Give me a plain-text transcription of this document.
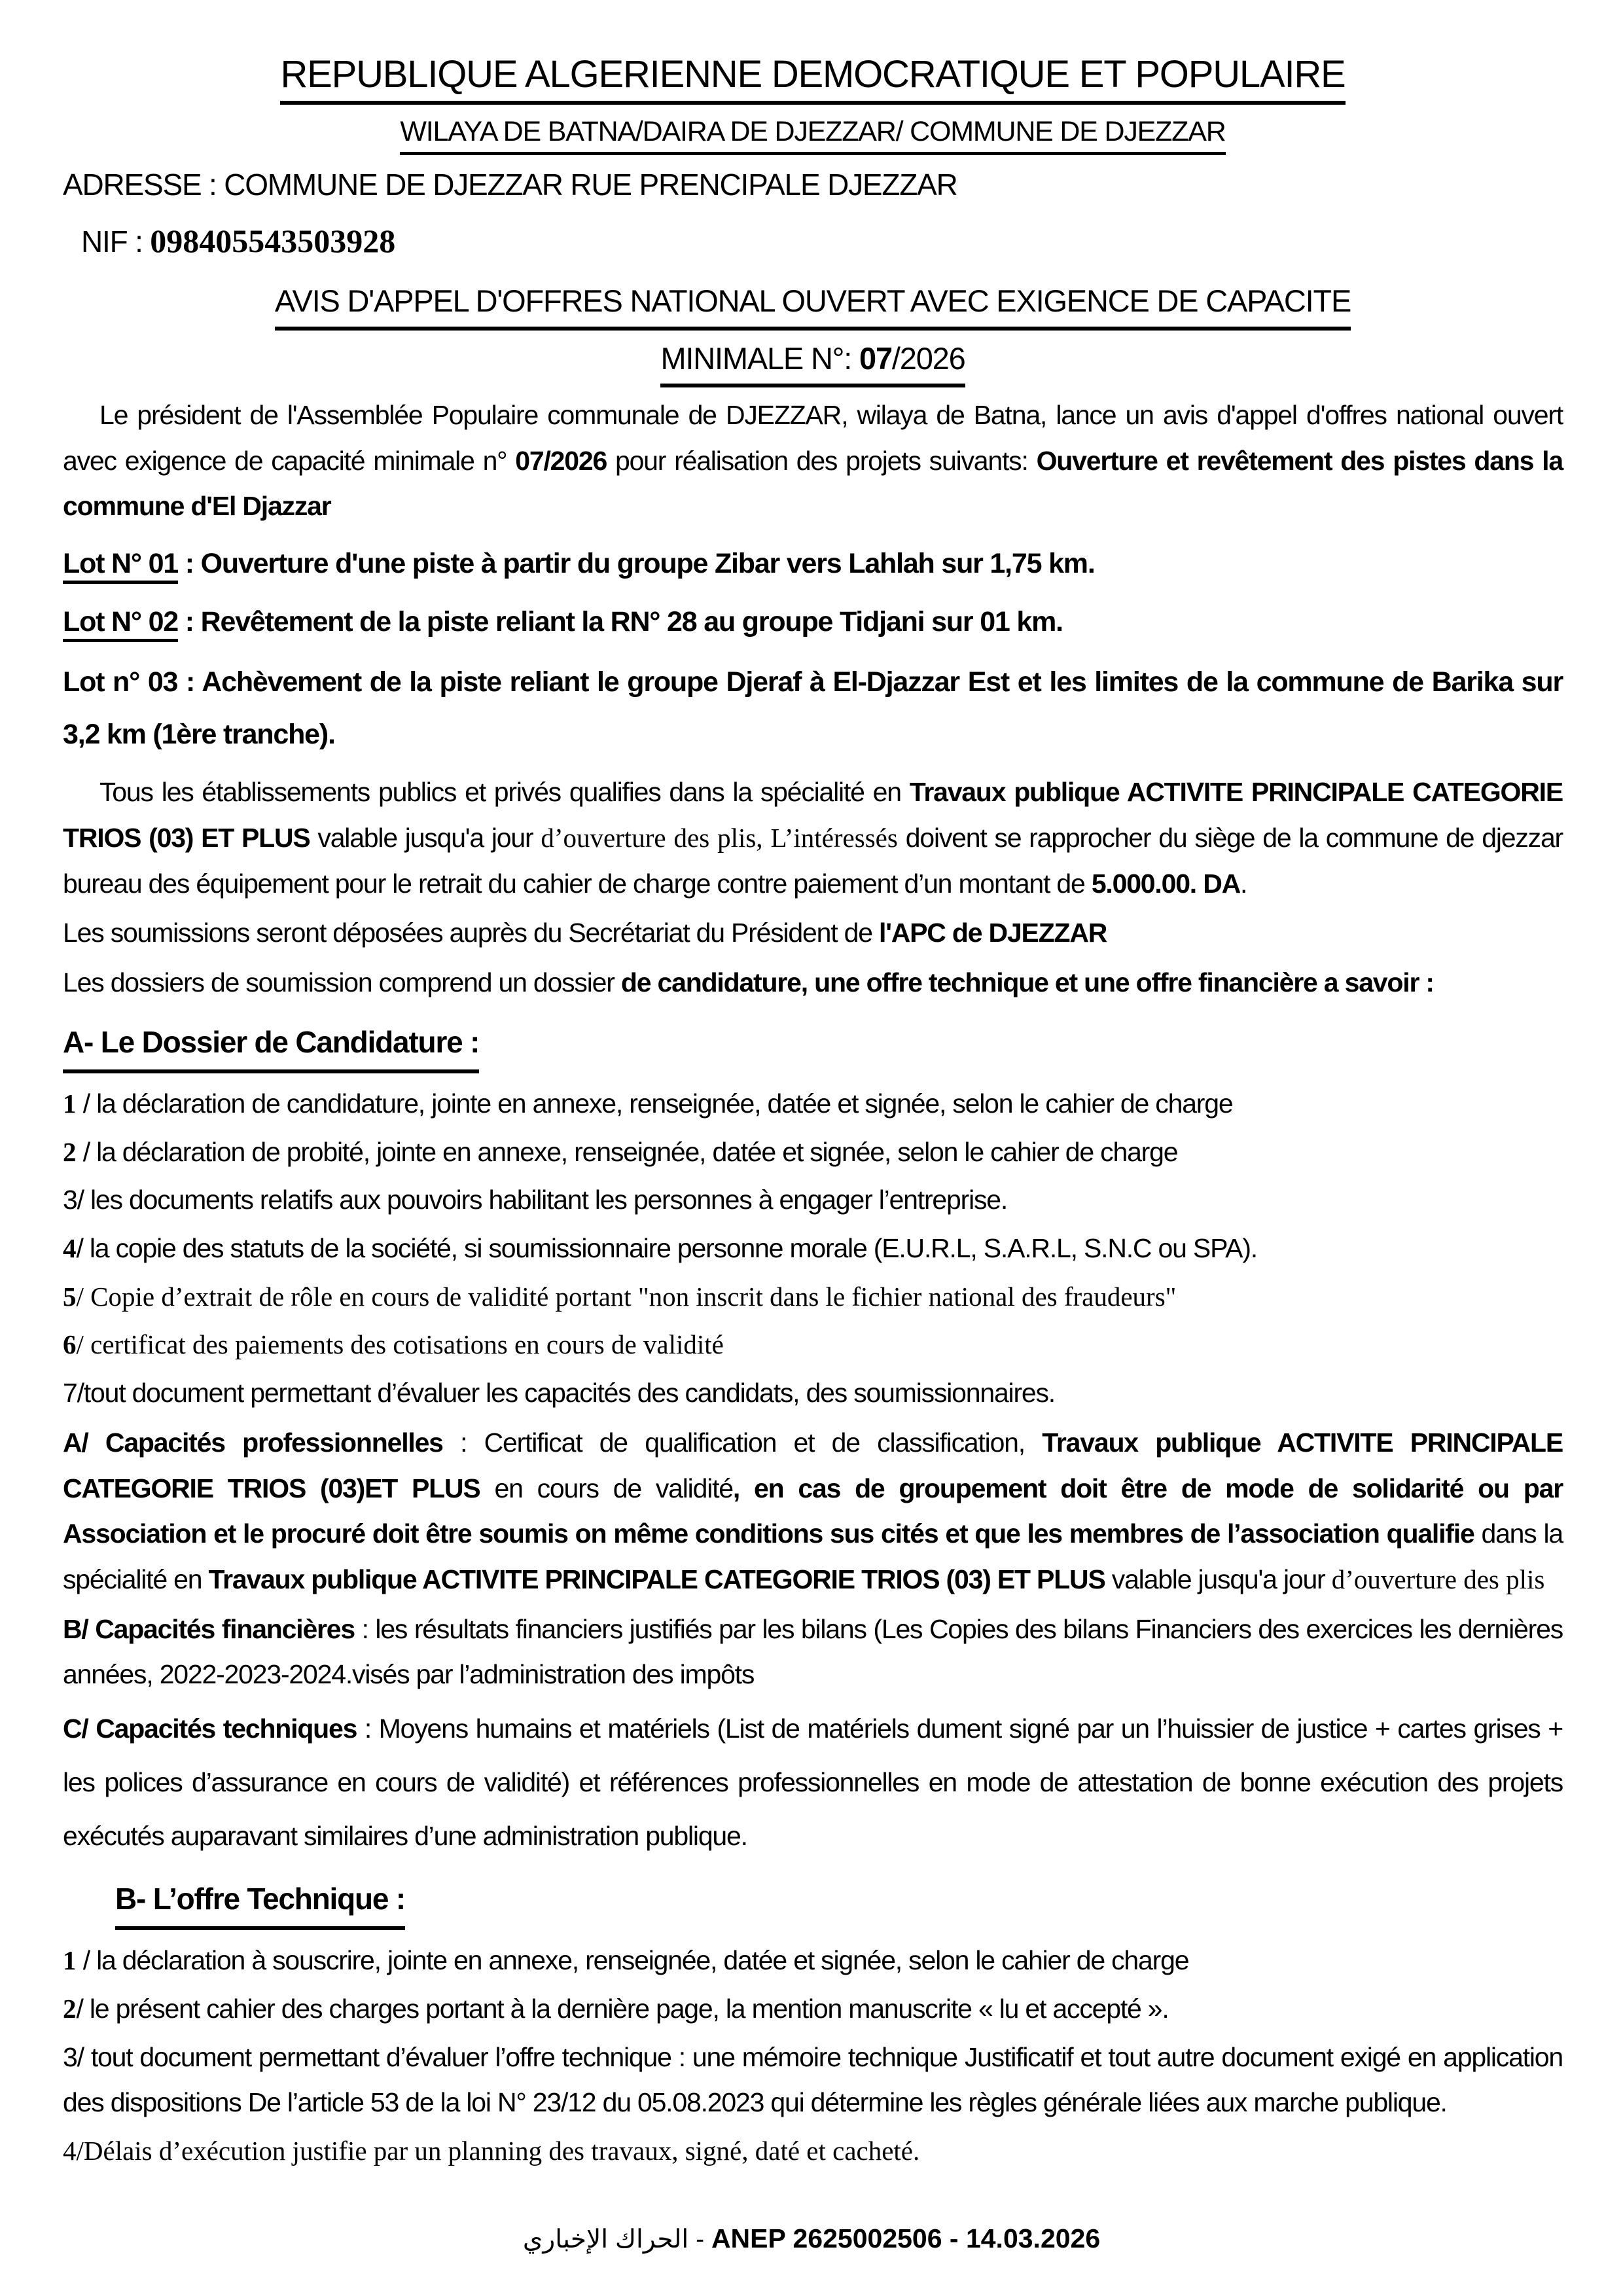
REPUBLIQUE ALGERIENNE DEMOCRATIQUE ET POPULAIRE
WILAYA DE BATNA/DAIRA DE DJEZZAR/ COMMUNE DE DJEZZAR
ADRESSE : COMMUNE DE DJEZZAR RUE PRENCIPALE DJEZZAR
NIF : 098405543503928
AVIS D'APPEL D'OFFRES NATIONAL OUVERT AVEC EXIGENCE DE CAPACITE
MINIMALE N°: 07/2026

Le président de l'Assemblée Populaire communale de DJEZZAR, wilaya de Batna, lance un avis d'appel d'offres national ouvert avec exigence de capacité minimale n° 07/2026 pour réalisation des projets suivants: Ouverture et revêtement des pistes dans la commune d'El Djazzar

Lot N° 01 : Ouverture d'une piste à partir du groupe Zibar vers Lahlah sur 1,75 km.

Lot N° 02 : Revêtement de la piste reliant la RN° 28 au groupe Tidjani sur 01 km.

Lot n° 03 : Achèvement de la piste reliant le groupe Djeraf à El-Djazzar Est et les limites de la commune de Barika sur 3,2 km (1ère tranche).

Tous les établissements publics et privés qualifies dans la spécialité en Travaux publique ACTIVITE PRINCIPALE CATEGORIE TRIOS (03) ET PLUS valable jusqu'a jour d’ouverture des plis, L’intéressés doivent se rapprocher du siège de la commune de djezzar bureau des équipement pour le retrait du cahier de charge contre paiement d’un montant de 5.000.00. DA.

Les soumissions seront déposées auprès du Secrétariat du Président de l'APC de DJEZZAR

Les dossiers de soumission comprend un dossier de candidature, une offre technique et une offre financière a savoir :

A- Le Dossier de Candidature :

1 / la déclaration de candidature, jointe en annexe, renseignée, datée et signée, selon le cahier de charge

2 / la déclaration de probité, jointe en annexe, renseignée, datée et signée, selon le cahier de charge

3/ les documents relatifs aux pouvoirs habilitant les personnes à engager l’entreprise.

4/ la copie des statuts de la société, si soumissionnaire personne morale (E.U.R.L, S.A.R.L, S.N.C ou SPA).

5/ Copie d’extrait de rôle en cours de validité portant "non inscrit dans le fichier national des fraudeurs"

6/ certificat des paiements des cotisations en cours de validité

7/tout document permettant d’évaluer les capacités des candidats, des soumissionnaires.

A/ Capacités professionnelles : Certificat de qualification et de classification, Travaux publique ACTIVITE PRINCIPALE CATEGORIE TRIOS (03)ET PLUS en cours de validité, en cas de groupement doit être de mode de solidarité ou par Association et le procuré doit être soumis on même conditions sus cités et que les membres de l’association qualifie dans la spécialité en Travaux publique ACTIVITE PRINCIPALE CATEGORIE TRIOS (03) ET PLUS valable jusqu'a jour d’ouverture des plis

B/ Capacités financières : les résultats financiers justifiés par les bilans (Les Copies des bilans Financiers des exercices les dernières années, 2022-2023-2024.visés par l’administration des impôts

C/ Capacités techniques : Moyens humains et matériels (List de matériels dument signé par un l’huissier de justice + cartes grises + les polices d’assurance en cours de validité) et références professionnelles en mode de attestation de bonne exécution des projets exécutés auparavant similaires d’une administration publique.

B- L’offre Technique :

1 / la déclaration à souscrire, jointe en annexe, renseignée, datée et signée, selon le cahier de charge

2/ le présent cahier des charges portant à la dernière page, la mention manuscrite « lu et accepté ».

3/ tout document permettant d’évaluer l’offre technique : une mémoire technique Justificatif et tout autre document exigé en application des dispositions De l’article 53 de la loi N° 23/12 du 05.08.2023 qui détermine les règles générale liées aux marche publique.

4/Délais d’exécution justifie par un planning des travaux, signé, daté et cacheté.

الحراك الإخباري - ANEP 2625002506 - 14.03.2026
